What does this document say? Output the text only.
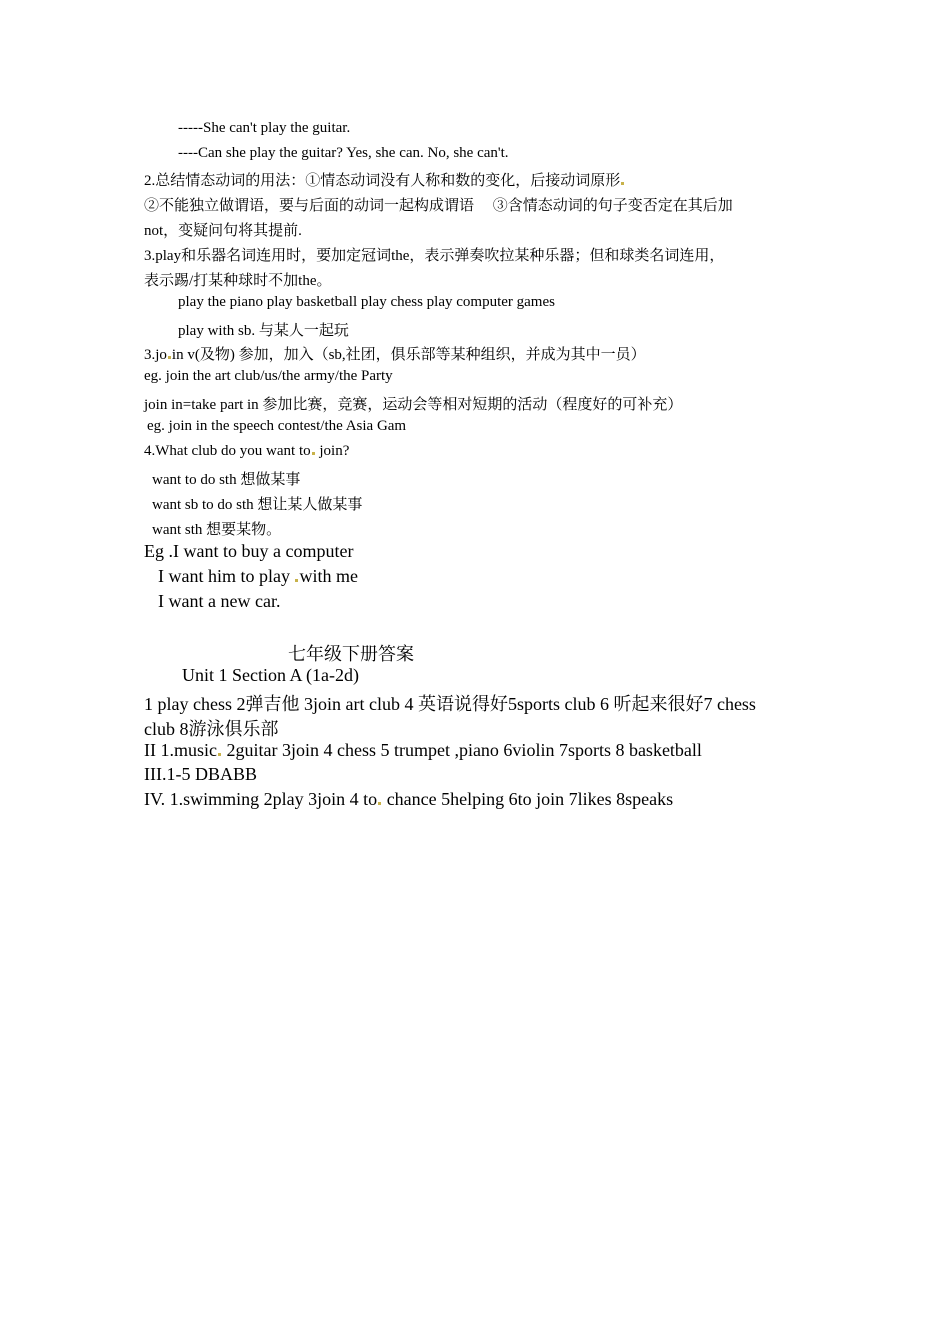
-----She can't play the guitar.
----Can she play the guitar? Yes, she can. No, she can't.
2.总结情态动词的用法：①情态动词没有人称和数的变化，后接动词原形
②不能独立做谓语，要与后面的动词一起构成谓语　 ③含情态动词的句子变否定在其后加
not，变疑问句将其提前.
3.play和乐器名词连用时，要加定冠词the，表示弹奏吹拉某种乐器；但和球类名词连用，
表示踢/打某种球时不加the。
play the piano play basketball play chess play computer games
play with sb. 与某人一起玩
3.jo in v(及物) 参加，加入（sb,社团，俱乐部等某种组织，并成为其中一员）
eg. join the art club/us/the army/the Party
join in=take part in 参加比赛，竞赛，运动会等相对短期的活动（程度好的可补充）
eg. join in the speech contest/the Asia Gam
4.What club do you want to join?
want to do sth 想做某事
want sb to do sth 想让某人做某事
want sth 想要某物。
Eg .I want to buy a computer
I want him to play with me
I want a new car.
七年级下册答案
Unit 1 Section A (1a-2d)
1 play chess 2弹吉他 3join art club 4 英语说得好5sports club 6 听起来很好7 chess
club 8游泳俱乐部
II 1.music 2guitar 3join 4 chess 5 trumpet ,piano 6violin 7sports 8 basketball
III.1-5 DBABB
IV. 1.swimming 2play 3join 4 to chance 5helping 6to join 7likes 8speaks
